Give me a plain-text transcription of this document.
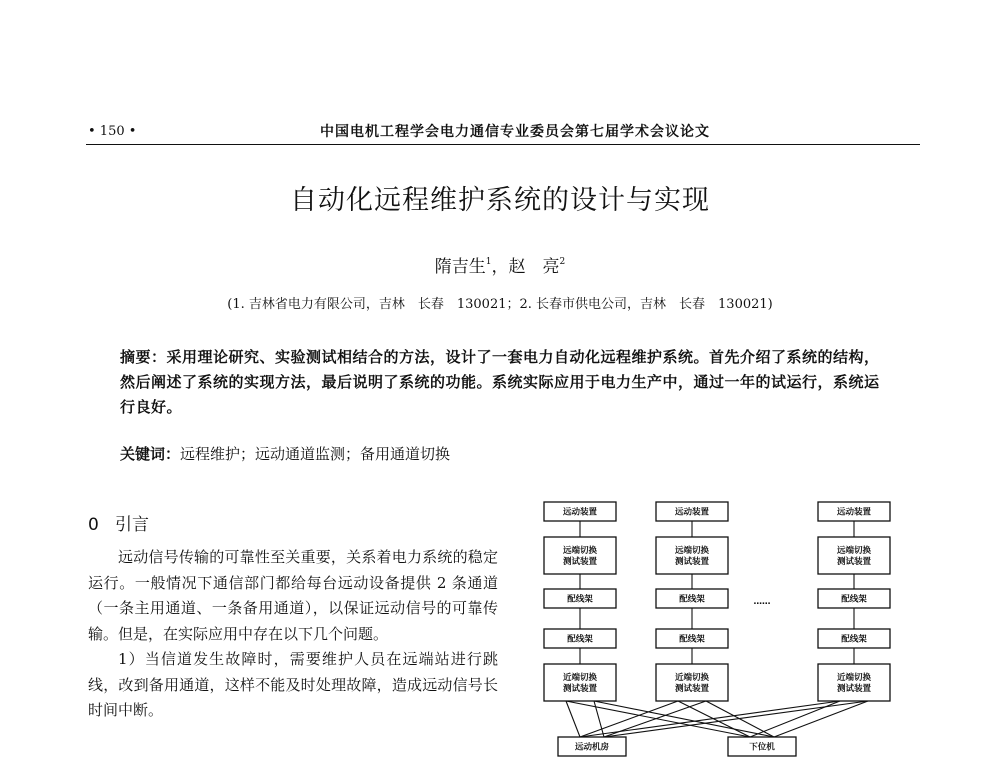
• 150 •	中国电机工程学会电力通信专业委员会第七届学术会议论文
自动化远程维护系统的设计与实现
隋吉生$^1$，赵　亮$^2$
(1. 吉林省电力有限公司，吉林　长春　130021；2. 长春市供电公司，吉林　长春　130021)
摘要：采用理论研究、实验测试相结合的方法，设计了一套电力自动化远程维护系统。首先介绍了系统的结构，然后阐述了系统的实现方法，最后说明了系统的功能。系统实际应用于电力生产中，通过一年的试运行，系统运行良好。
关键词：远程维护；远动通道监测；备用通道切换
0 引言

远动信号传输的可靠性至关重要，关系着电力系统的稳定运行。一般情况下通信部门都给每台远动设备提供 2 条通道（一条主用通道、一条备用通道），以保证远动信号的可靠传输。但是，在实际应用中存在以下几个问题。

1）当信道发生故障时，需要维护人员在远端站进行跳线，改到备用通道，这样不能及时处理故障，造成远动信号长时间中断。

远动装置
远端切换
测试装置
配线架
配线架
近端切换
测试装置
远动装置
远端切换
测试装置
配线架
配线架
近端切换
测试装置
远动装置
远端切换
测试装置
配线架
配线架
近端切换
测试装置
……
远动机房	下位机
